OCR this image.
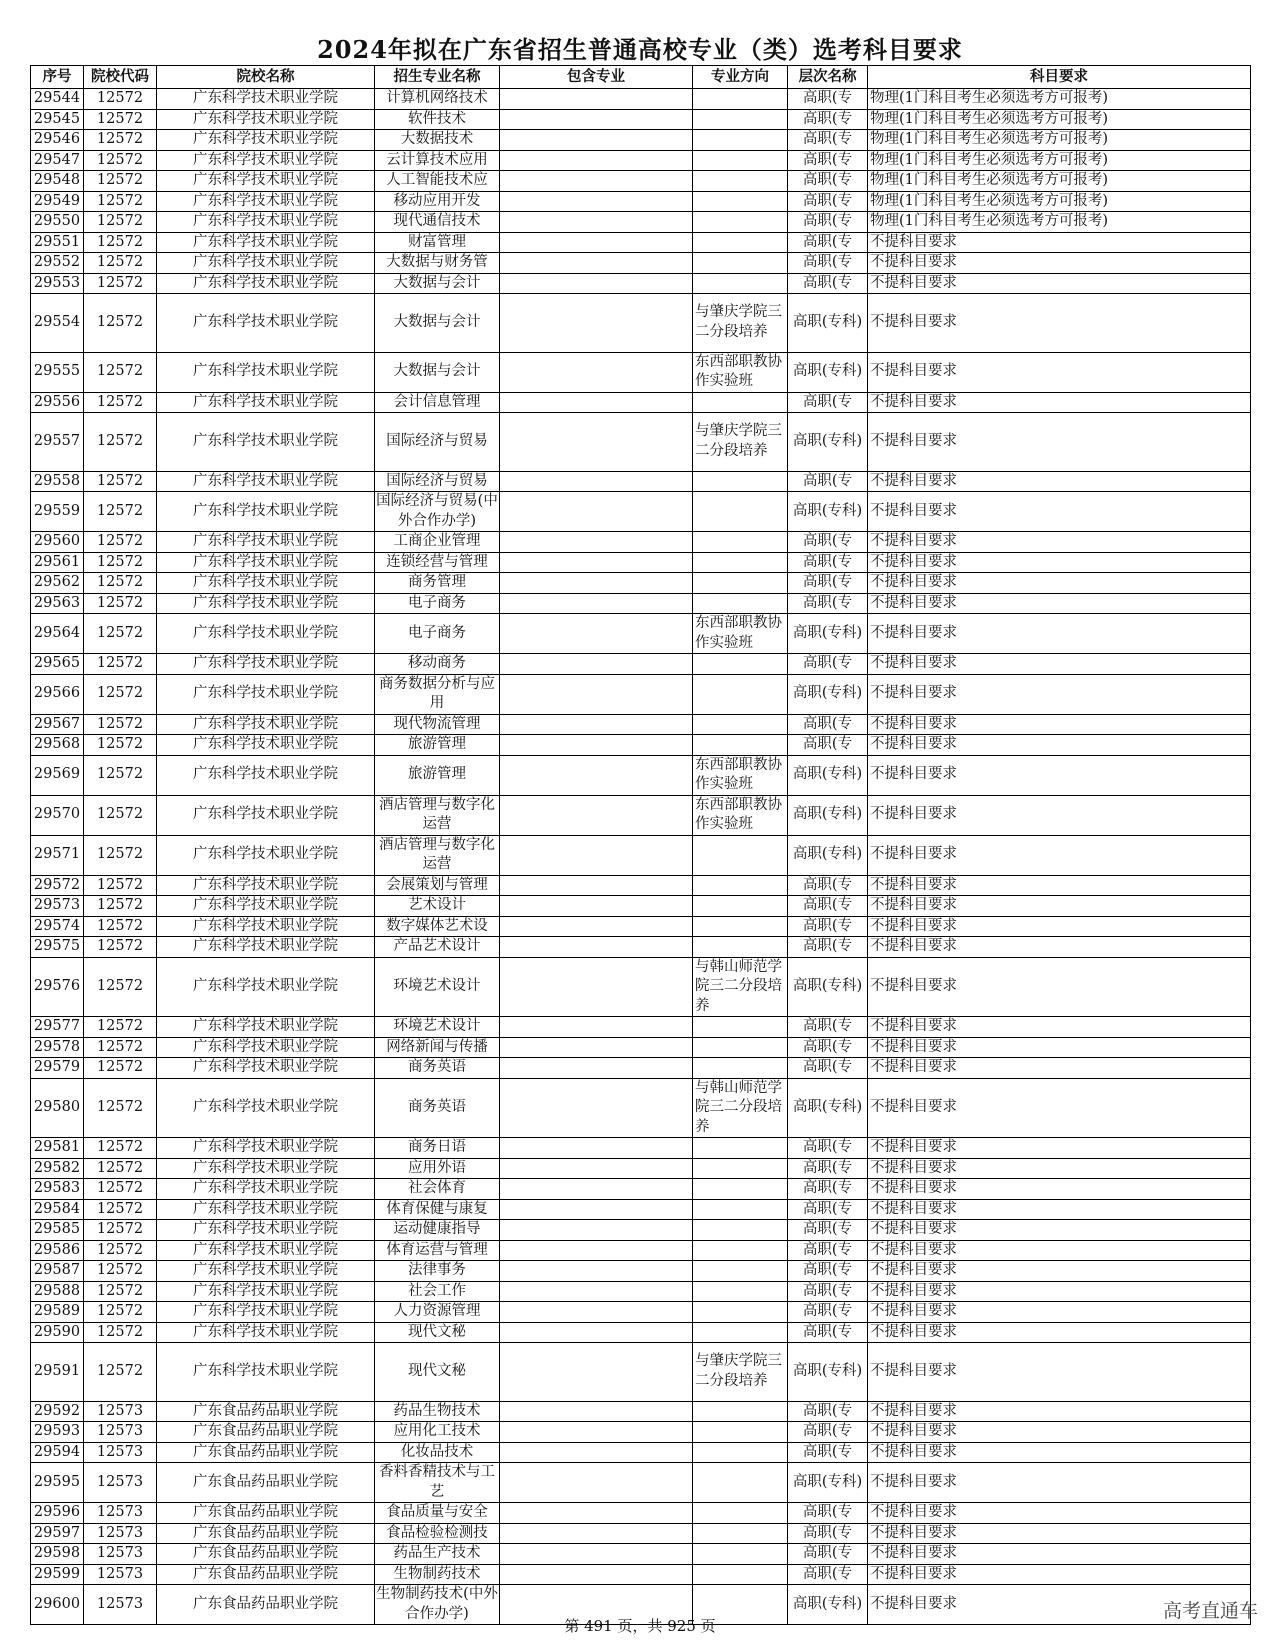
2024年拟在广东省招生普通高校专业（类）选考科目要求
序号	院校代码	院校名称	招生专业名称	包含专业	专业方向	层次名称	科目要求
29544	12572	广东科学技术职业学院	计算机网络技术			高职(专	物理(1门科目考生必须选考方可报考)
29545	12572	广东科学技术职业学院	软件技术			高职(专	物理(1门科目考生必须选考方可报考)
29546	12572	广东科学技术职业学院	大数据技术			高职(专	物理(1门科目考生必须选考方可报考)
29547	12572	广东科学技术职业学院	云计算技术应用			高职(专	物理(1门科目考生必须选考方可报考)
29548	12572	广东科学技术职业学院	人工智能技术应			高职(专	物理(1门科目考生必须选考方可报考)
29549	12572	广东科学技术职业学院	移动应用开发			高职(专	物理(1门科目考生必须选考方可报考)
29550	12572	广东科学技术职业学院	现代通信技术			高职(专	物理(1门科目考生必须选考方可报考)
29551	12572	广东科学技术职业学院	财富管理			高职(专	不提科目要求
29552	12572	广东科学技术职业学院	大数据与财务管			高职(专	不提科目要求
29553	12572	广东科学技术职业学院	大数据与会计			高职(专	不提科目要求
29554	12572	广东科学技术职业学院	大数据与会计		与肇庆学院三二分段培养	高职(专科)	不提科目要求
29555	12572	广东科学技术职业学院	大数据与会计		东西部职教协作实验班	高职(专科)	不提科目要求
29556	12572	广东科学技术职业学院	会计信息管理			高职(专	不提科目要求
29557	12572	广东科学技术职业学院	国际经济与贸易		与肇庆学院三二分段培养	高职(专科)	不提科目要求
29558	12572	广东科学技术职业学院	国际经济与贸易			高职(专	不提科目要求
29559	12572	广东科学技术职业学院	国际经济与贸易(中外合作办学)			高职(专科)	不提科目要求
29560	12572	广东科学技术职业学院	工商企业管理			高职(专	不提科目要求
29561	12572	广东科学技术职业学院	连锁经营与管理			高职(专	不提科目要求
29562	12572	广东科学技术职业学院	商务管理			高职(专	不提科目要求
29563	12572	广东科学技术职业学院	电子商务			高职(专	不提科目要求
29564	12572	广东科学技术职业学院	电子商务		东西部职教协作实验班	高职(专科)	不提科目要求
29565	12572	广东科学技术职业学院	移动商务			高职(专	不提科目要求
29566	12572	广东科学技术职业学院	商务数据分析与应用			高职(专科)	不提科目要求
29567	12572	广东科学技术职业学院	现代物流管理			高职(专	不提科目要求
29568	12572	广东科学技术职业学院	旅游管理			高职(专	不提科目要求
29569	12572	广东科学技术职业学院	旅游管理		东西部职教协作实验班	高职(专科)	不提科目要求
29570	12572	广东科学技术职业学院	酒店管理与数字化运营		东西部职教协作实验班	高职(专科)	不提科目要求
29571	12572	广东科学技术职业学院	酒店管理与数字化运营			高职(专科)	不提科目要求
29572	12572	广东科学技术职业学院	会展策划与管理			高职(专	不提科目要求
29573	12572	广东科学技术职业学院	艺术设计			高职(专	不提科目要求
29574	12572	广东科学技术职业学院	数字媒体艺术设			高职(专	不提科目要求
29575	12572	广东科学技术职业学院	产品艺术设计			高职(专	不提科目要求
29576	12572	广东科学技术职业学院	环境艺术设计		与韩山师范学院三二分段培养	高职(专科)	不提科目要求
29577	12572	广东科学技术职业学院	环境艺术设计			高职(专	不提科目要求
29578	12572	广东科学技术职业学院	网络新闻与传播			高职(专	不提科目要求
29579	12572	广东科学技术职业学院	商务英语			高职(专	不提科目要求
29580	12572	广东科学技术职业学院	商务英语		与韩山师范学院三二分段培养	高职(专科)	不提科目要求
29581	12572	广东科学技术职业学院	商务日语			高职(专	不提科目要求
29582	12572	广东科学技术职业学院	应用外语			高职(专	不提科目要求
29583	12572	广东科学技术职业学院	社会体育			高职(专	不提科目要求
29584	12572	广东科学技术职业学院	体育保健与康复			高职(专	不提科目要求
29585	12572	广东科学技术职业学院	运动健康指导			高职(专	不提科目要求
29586	12572	广东科学技术职业学院	体育运营与管理			高职(专	不提科目要求
29587	12572	广东科学技术职业学院	法律事务			高职(专	不提科目要求
29588	12572	广东科学技术职业学院	社会工作			高职(专	不提科目要求
29589	12572	广东科学技术职业学院	人力资源管理			高职(专	不提科目要求
29590	12572	广东科学技术职业学院	现代文秘			高职(专	不提科目要求
29591	12572	广东科学技术职业学院	现代文秘		与肇庆学院三二分段培养	高职(专科)	不提科目要求
29592	12573	广东食品药品职业学院	药品生物技术			高职(专	不提科目要求
29593	12573	广东食品药品职业学院	应用化工技术			高职(专	不提科目要求
29594	12573	广东食品药品职业学院	化妆品技术			高职(专	不提科目要求
29595	12573	广东食品药品职业学院	香料香精技术与工艺			高职(专科)	不提科目要求
29596	12573	广东食品药品职业学院	食品质量与安全			高职(专	不提科目要求
29597	12573	广东食品药品职业学院	食品检验检测技			高职(专	不提科目要求
29598	12573	广东食品药品职业学院	药品生产技术			高职(专	不提科目要求
29599	12573	广东食品药品职业学院	生物制药技术			高职(专	不提科目要求
29600	12573	广东食品药品职业学院	生物制药技术(中外合作办学)			高职(专科)	不提科目要求
第 491 页，共 925 页
高考直通车
